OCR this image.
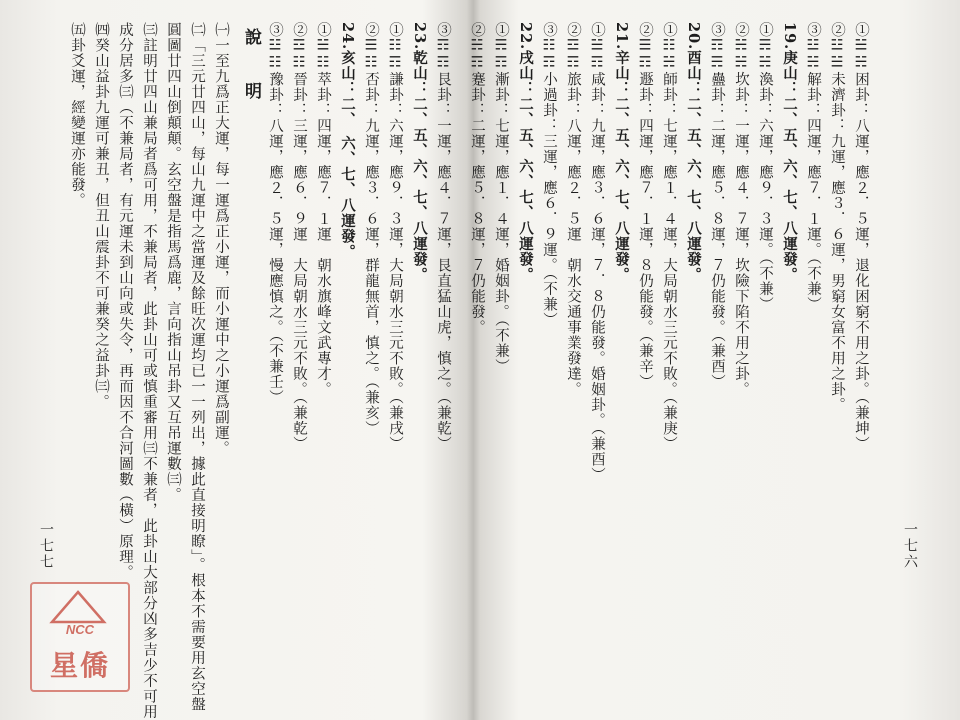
①☱☵困卦：八運，應２．５運，退化困窮不用之卦。（兼坤）
②☳☱未濟卦：九運，應３．６運，男窮女富不用之卦。
③☳☵解卦：四運，應７．１運。（不兼）
19.庚山：二、五、六、七、八運發。
①☴☵渙卦：六運，應９．３運。（不兼）
②☵☵坎卦：一運，應４．７運，坎險下陷不用之卦。
③☶☴蠱卦：二運，應５．８運，７仍能發。（兼酉）
20.酉山：二、五、六、七、八運發。
①☷☵師卦：七運，應１．４運，大局朝水三元不敗。（兼庚）
②☰☶遯卦：四運，應７．１運，８仍能發。（兼辛）
21.辛山：二、五、六、七、八運發。
①☱☶咸卦：九運，應３．６運，７．８仍能發。婚姻卦。（兼酉）
②☲☶旅卦：八運，應２．５運　朝水交通事業發達。
③☷☶小過卦：三運，應６．９運。（不兼）
22.戌山：二、五、六、七、八運發。
①☴☶漸卦：七運，應１．４運，婚姻卦。（不兼）
②☵☶蹇卦：二運，應５．８運，７仍能發。
③☶☶艮卦：一運，應４．７運，艮直猛山虎，慎之。（兼乾）
23.乾山：二、五、六、七、八運發。
①☷☶謙卦：六運，應９．３運，大局朝水三元不敗。（兼戌）
②☰☷否卦：九運，應３．６運，群龍無首，慎之。（兼亥）
24.亥山：二、　六、七、八運發。
①☱☷萃卦：四運，應７．１運　朝水旗峰文武專才。
②☲☷晉卦：三運，應６．９運　大局朝水三元不敗。（兼乾）
③☳☷豫卦：八運，應２．５運，慢應慎之。（不兼壬）
說　明
㈠一至九爲正大運，每一運爲正小運，而小運中之小運爲副運。
㈡「三元廿四山，每山九運中之當運及餘旺次運均已一一列出，據此直接明瞭」。根本不需要用玄空盤
圓圖廿四山倒顛顛。玄空盤是指馬爲鹿，言向指山吊卦又互吊運數㈢。
㈢註明廿四山兼局者爲可用，不兼局者，此卦山可或慎重審用㈢不兼者，此卦山大部分凶多吉少不可用
成分居多㈢（不兼局者，有元運未到山向或失令，再而因不合河圖數（橫）原理。
㈣癸山益卦九運可兼丑，但丑山震卦不可兼癸之益卦㈢。
㈤卦爻運，經變運亦能發。
一七七	一七六
NCC
星僑
